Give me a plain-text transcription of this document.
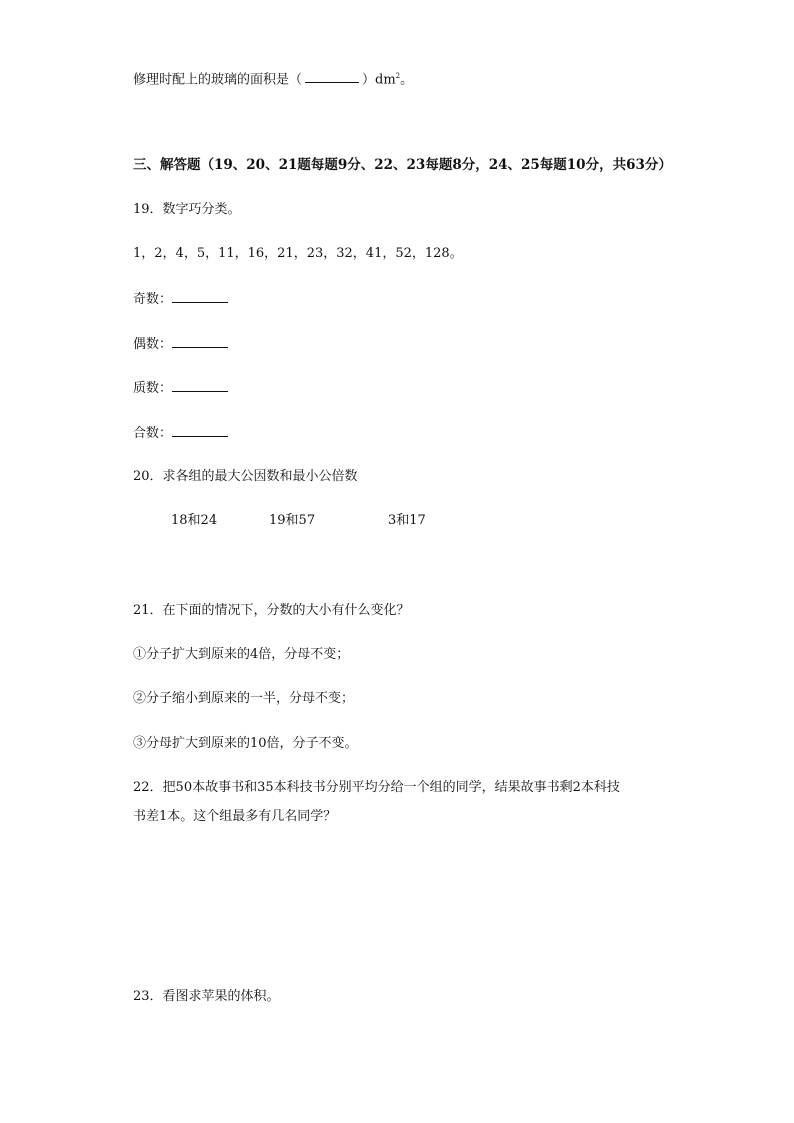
修理时配上的玻璃的面积是（	）$dm^2$。
三、解答题（19、20、21题每题9分、22、23每题8分，24、25每题10分，共63分）
19．数字巧分类。
1，2，4，5，11，16，21，23，32，41，52，128。
奇数：
偶数：
质数：
合数：
20．求各组的最大公因数和最小公倍数
18和24	19和57	3和17
21．在下面的情况下，分数的大小有什么变化？
①分子扩大到原来的4倍，分母不变；
②分子缩小到原来的一半，分母不变；
③分母扩大到原来的10倍，分子不变。
22．把50本故事书和35本科技书分别平均分给一个组的同学，结果故事书剩2本科技
书差1本。这个组最多有几名同学？
23．看图求苹果的体积。
